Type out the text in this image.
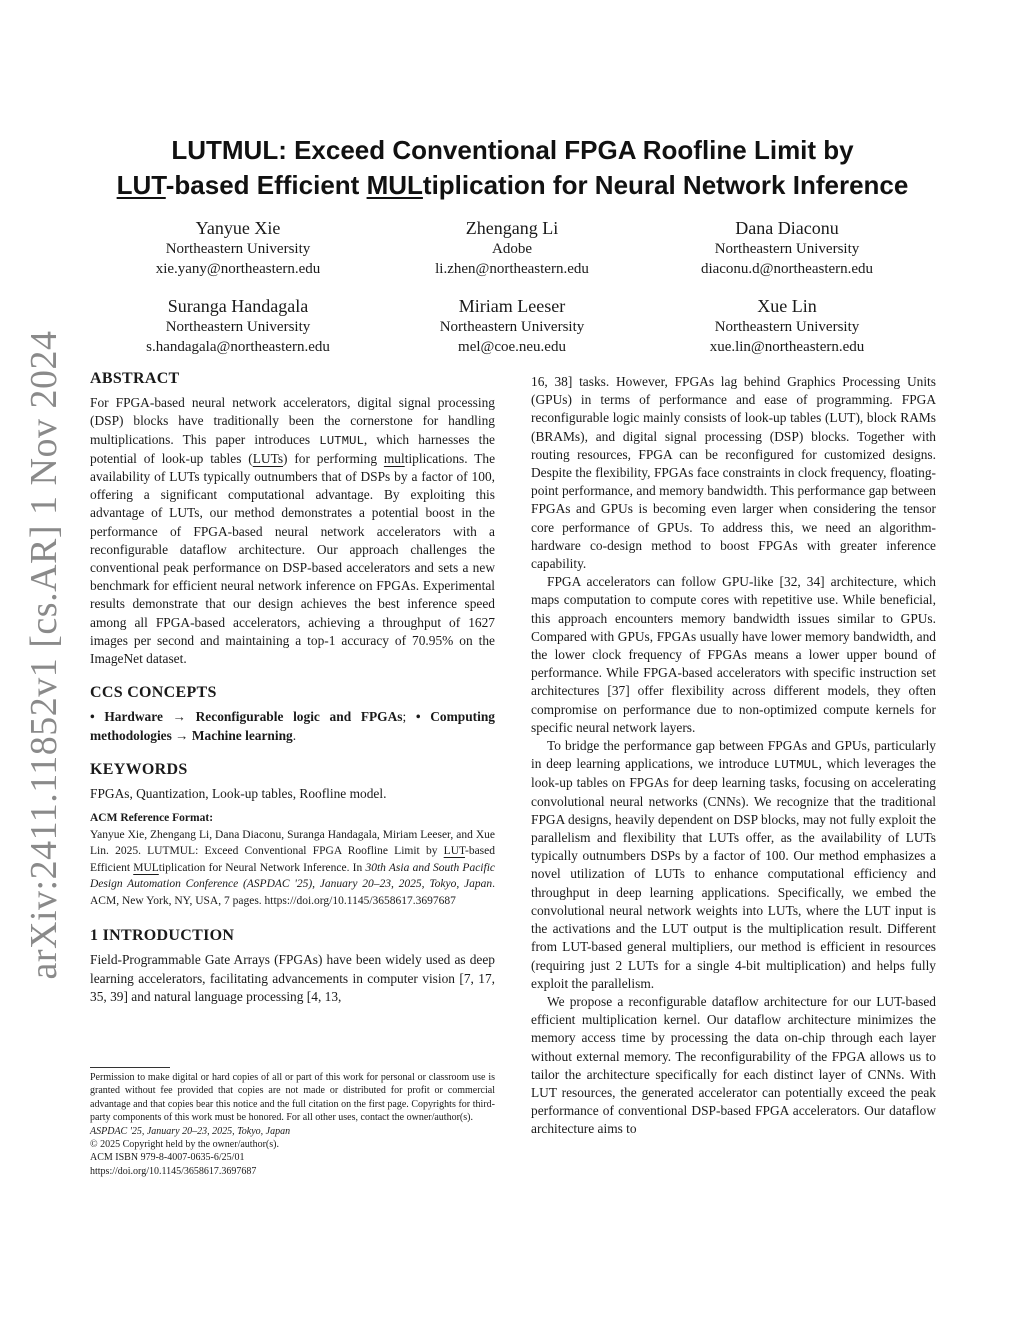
arXiv:2411.11852v1 [cs.AR] 1 Nov 2024
LUTMUL: Exceed Conventional FPGA Roofline Limit by
LUT-based Efficient MULtiplication for Neural Network Inference
Yanyue Xie
Northeastern University
xie.yany@northeastern.edu
Zhengang Li
Adobe
li.zhen@northeastern.edu
Dana Diaconu
Northeastern University
diaconu.d@northeastern.edu
Suranga Handagala
Northeastern University
s.handagala@northeastern.edu
Miriam Leeser
Northeastern University
mel@coe.neu.edu
Xue Lin
Northeastern University
xue.lin@northeastern.edu
ABSTRACT

For FPGA-based neural network accelerators, digital signal processing (DSP) blocks have traditionally been the cornerstone for handling multiplications. This paper introduces LUTMUL, which harnesses the potential of look-up tables (LUTs) for performing multiplications. The availability of LUTs typically outnumbers that of DSPs by a factor of 100, offering a significant computational advantage. By exploiting this advantage of LUTs, our method demonstrates a potential boost in the performance of FPGA-based neural network accelerators with a reconfigurable dataflow architecture. Our approach challenges the conventional peak performance on DSP-based accelerators and sets a new benchmark for efficient neural network inference on FPGAs. Experimental results demonstrate that our design achieves the best inference speed among all FPGA-based accelerators, achieving a throughput of 1627 images per second and maintaining a top-1 accuracy of 70.95% on the ImageNet dataset.

CCS CONCEPTS

• Hardware → Reconfigurable logic and FPGAs; • Computing methodologies → Machine learning.

KEYWORDS

FPGAs, Quantization, Look-up tables, Roofline model.

ACM Reference Format:

Yanyue Xie, Zhengang Li, Dana Diaconu, Suranga Handagala, Miriam Leeser, and Xue Lin. 2025. LUTMUL: Exceed Conventional FPGA Roofline Limit by LUT-based Efficient MULtiplication for Neural Network Inference. In 30th Asia and South Pacific Design Automation Conference (ASPDAC '25), January 20–23, 2025, Tokyo, Japan. ACM, New York, NY, USA, 7 pages. https://doi.org/10.1145/3658617.3697687

1 INTRODUCTION

Field-Programmable Gate Arrays (FPGAs) have been widely used as deep learning accelerators, facilitating advancements in computer vision [7, 17, 35, 39] and natural language processing [4, 13,

Permission to make digital or hard copies of all or part of this work for personal or classroom use is granted without fee provided that copies are not made or distributed for profit or commercial advantage and that copies bear this notice and the full citation on the first page. Copyrights for third-party components of this work must be honored. For all other uses, contact the owner/author(s).

ASPDAC '25, January 20–23, 2025, Tokyo, Japan

© 2025 Copyright held by the owner/author(s).

ACM ISBN 979-8-4007-0635-6/25/01

https://doi.org/10.1145/3658617.3697687

16, 38] tasks. However, FPGAs lag behind Graphics Processing Units (GPUs) in terms of performance and ease of programming. FPGA reconfigurable logic mainly consists of look-up tables (LUT), block RAMs (BRAMs), and digital signal processing (DSP) blocks. Together with routing resources, FPGA can be reconfigured for customized designs. Despite the flexibility, FPGAs face constraints in clock frequency, floating-point performance, and memory bandwidth. This performance gap between FPGAs and GPUs is becoming even larger when considering the tensor core performance of GPUs. To address this, we need an algorithm-hardware co-design method to boost FPGAs with greater inference capability.

FPGA accelerators can follow GPU-like [32, 34] architecture, which maps computation to compute cores with repetitive use. While beneficial, this approach encounters memory bandwidth issues similar to GPUs. Compared with GPUs, FPGAs usually have lower memory bandwidth, and the lower clock frequency of FPGAs means a lower upper bound of performance. While FPGA-based accelerators with specific instruction set architectures [37] offer flexibility across different models, they often compromise on performance due to non-optimized compute kernels for specific neural network layers.

To bridge the performance gap between FPGAs and GPUs, particularly in deep learning applications, we introduce LUTMUL, which leverages the look-up tables on FPGAs for deep learning tasks, focusing on accelerating convolutional neural networks (CNNs). We recognize that the traditional FPGA designs, heavily dependent on DSP blocks, may not fully exploit the parallelism and flexibility that LUTs offer, as the availability of LUTs typically outnumbers DSPs by a factor of 100. Our method emphasizes a novel utilization of LUTs to enhance computational efficiency and throughput in deep learning applications. Specifically, we embed the convolutional neural network weights into LUTs, where the LUT input is the activations and the LUT output is the multiplication result. Different from LUT-based general multipliers, our method is efficient in resources (requiring just 2 LUTs for a single 4-bit multiplication) and helps fully exploit the parallelism.

We propose a reconfigurable dataflow architecture for our LUT-based efficient multiplication kernel. Our dataflow architecture minimizes the memory access time by processing the data on-chip through each layer without external memory. The reconfigurability of the FPGA allows us to tailor the architecture specifically for each distinct layer of CNNs. With LUT resources, the generated accelerator can potentially exceed the peak performance of conventional DSP-based FPGA accelerators. Our dataflow architecture aims to
